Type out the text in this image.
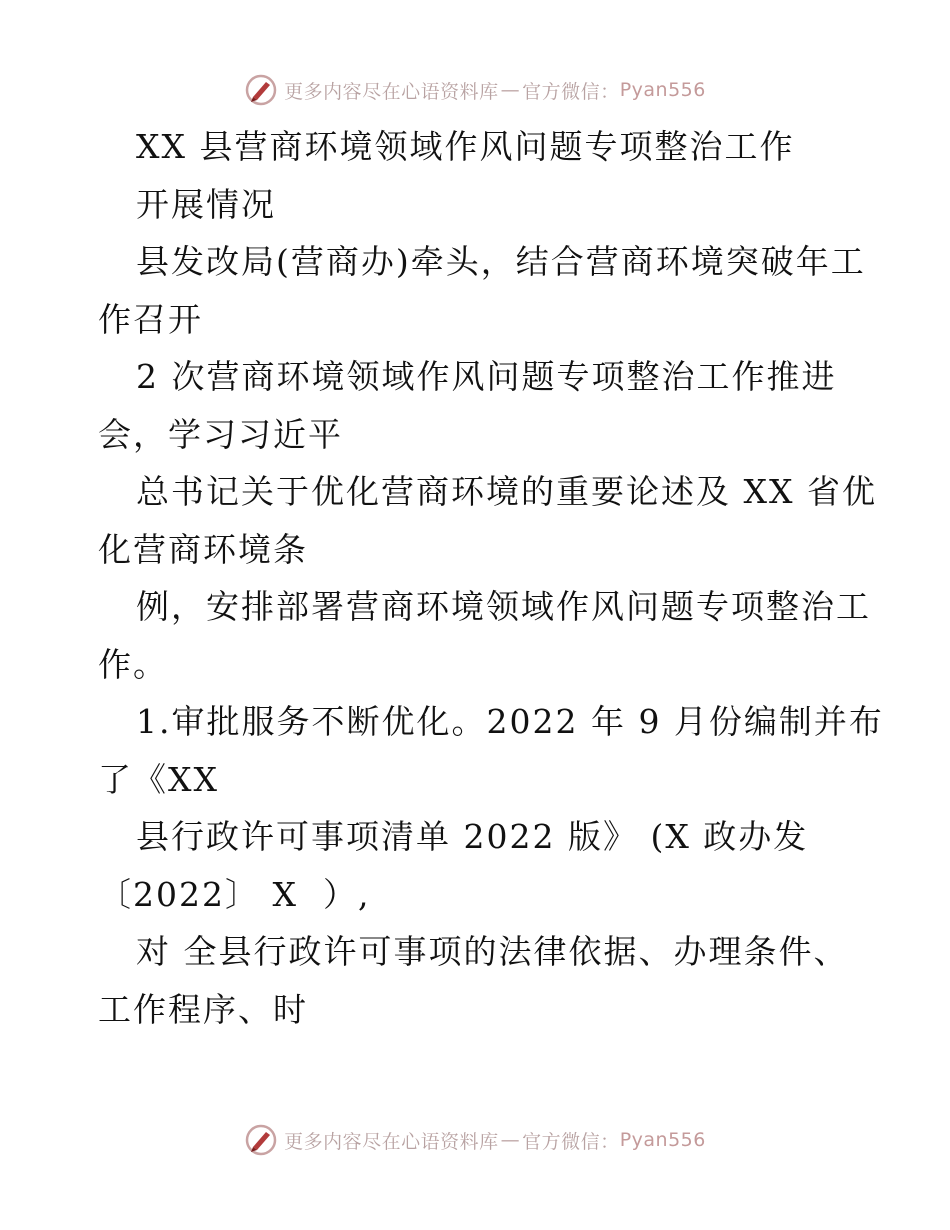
更多内容尽在心语资料库 — 官方微信： Pyan556

XX 县营商环境领域作风问题专项整治工作

开展情况

县发改局(营商办)牵头，结合营商环境突破年工

作召开

2 次营商环境领域作风问题专项整治工作推进

会，学习习近平

总书记关于优化营商环境的重要论述及 XX 省优

化营商环境条

例，安排部署营商环境领域作风问题专项整治工

作。

1.审批服务不断优化。2022 年 9 月份编制并布

了《XX

县行政许可事项清单 2022 版》 (X 政办发

〔2022〕 X  ）,

对 全县行政许可事项的法律依据、办理条件、

工作程序、时

更多内容尽在心语资料库 — 官方微信： Pyan556
